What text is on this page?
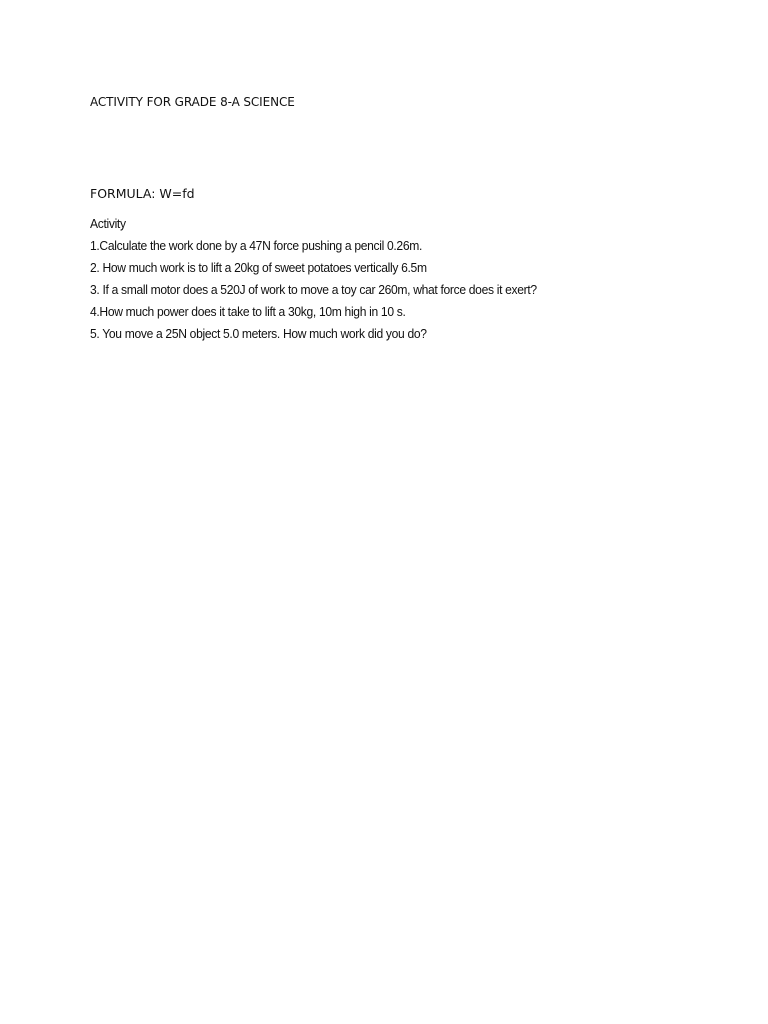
ACTIVITY FOR GRADE 8-A SCIENCE
FORMULA: W=fd
Activity
1.Calculate the work done by a 47N force pushing a pencil 0.26m.
2. How much work is to lift a 20kg of sweet potatoes vertically 6.5m
3. If a small motor does a 520J of work to move a toy car 260m, what force does it exert?
4.How much power does it take to lift a 30kg, 10m high in 10 s.
5. You move a 25N object 5.0 meters. How much work did you do?
